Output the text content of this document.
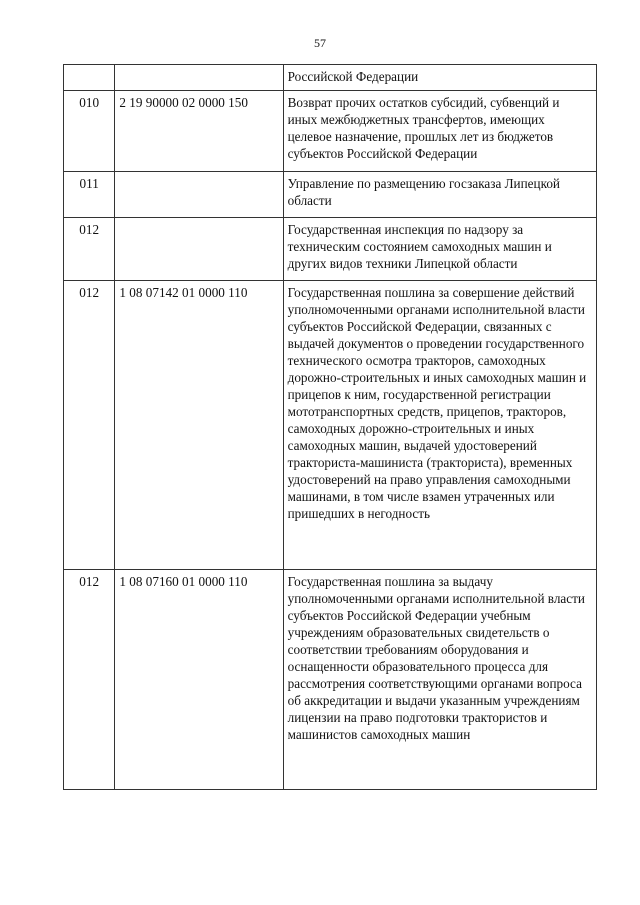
57
		Российской Федерации
010	2 19 90000 02 0000 150	Возврат прочих остатков субсидий, субвенций и иных межбюджетных трансфертов, имеющих целевое назначение, прошлых лет из бюджетов субъектов Российской Федерации
011		Управление по размещению госзаказа Липецкой области
012		Государственная инспекция по надзору за техническим состоянием самоходных машин и других видов техники Липецкой области
012	1 08 07142 01 0000 110	Государственная пошлина за совершение действий уполномоченными органами исполнительной власти субъектов Российской Федерации, связанных с выдачей документов о проведении государственного технического осмотра тракторов, самоходных дорожно-строительных и иных самоходных машин и прицепов к ним, государственной регистрации мототранспортных средств, прицепов, тракторов, самоходных дорожно-строительных и иных самоходных машин, выдачей удостоверений тракториста-машиниста (тракториста), временных удостоверений на право управления самоходными машинами, в том числе взамен утраченных или пришедших в негодность
012	1 08 07160 01 0000 110	Государственная пошлина за выдачу уполномоченными органами исполнительной власти субъектов Российской Федерации учебным учреждениям образовательных свидетельств о соответствии требованиям оборудования и оснащенности образовательного процесса для рассмотрения соответствующими органами вопроса об аккредитации и выдачи указанным учреждениям лицензии на право подготовки трактористов и машинистов самоходных машин
